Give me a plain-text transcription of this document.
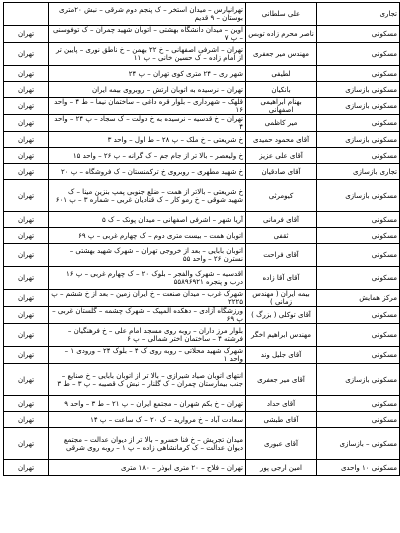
تجاری	علی سلطانی	تهرانپارس – میدان استخر – ک پنجم دوم شرقی – نبش ۲۰متری بوستان – ۹ قدیم	
مسکونی	ناصر محرم زاده توبس	اوین – میدان دانشگاه بهشتی – اتوبان شهید چمران – ک توفوسنی – پ ۷	تهران
مسکونی	مهندس میر جعفری	تهران – اشرفی اصفهانی – خ ۲۲ بهمن – خ ناطق نوری – پایین تر از امام زاده – ک حسین خانی – پ ۱۱	تهران
مسکونی	لطیفی	شهر ری – ۲۴ متری کوی تهران – پ ۲۴	تهران
مسکونی بازسازی	بانکیان	تهران – نرسیده به اتوبان ارتش – روبروی بیمه ایران	تهران
مسکونی بازسازی	بهنام ابراهیمی اصفهانی	قلهک – شهرداری – بلوار قره داغی – ساختمان نیما – ط ۴ – واحد ۱۶	تهران
مسکونی	میر کاظمی	تهران – خ قدسیه – نرسیده به خ دولت – ک سجاد – پ ۲۴ – واحد ۴	تهران
مسکونی بازسازی	آقای محمود حمیدی	خ شریعتی – خ ملک – پ ۲۸ – ط اول – واحد ۳	تهران
مسکونی	آقای علی عزیز	خ ولیعصر – بالا تر از جام جم – ک گرانه – پ ۲۶ – واحد ۱۵	تهران
تجاری بازسازی	آقای صادقیان	خ شهید مطهری – روبروی خ ترکمنستان – ک فروشگاه – پ ۲۰	تهران
مسکونی بازسازی	کیومرثی	خ شریعتی – بالاتر از همت – ضلع جنوبی پمپ بنزین مینا – ک شهید شوقی – خ رمو کار – ک قنادیان غربی – شماره ۳ – پ ۶۰۱	تهران
مسکونی	آقای فرمانی	آریا شهر – اشرفی اصفهانی – میدان پونک – ک ۵	تهران
مسکونی	ثقفی	اتوبان همت – بیست متری دوم – ک چهارم غربی – پ ۶۹	تهران
مسکونی	آقای فراحت	اتوبان بابایی – بعد از خروجی تهران – شهرک شهید بهشتی – نسترن ۲۶ – واحد ۵۵	تهران
مسکونی	آقای آقا زاده	اقدسیه – شهرک والفجر – بلوک ۲۰ – ک چهارم غربی – پ ۱۶ درب و پنجره ۵۵۸۹۶۹۲۱	تهران
مرکز همایش	بیمه ایران ( مهندس زمانی )	شهرک غرب – میدان صنعت – خ ایران زمین – بعد از خ ششم – پ ۲۲۲۵	تهران
مسکونی	آقای توکلی ( بزرگ )	ورزشگاه آزادی – دهکده المپیک – شهرک چشمه – گلستان غربی – پ ۶۹	تهران
مسکونی	مهندس ابراهیم اخگر	بلوار مرز داران – روبه روی مسجد امام علی – خ فرهنگیان – فرشته ۴ – ساختمان اختر شمالی – پ ۶	تهران
مسکونی	آقای جلیل وند	شهرک شهید محلاتی – روبه روی ک ۴ – بلوک ۲۴ – ورودی ۱ – واحد ۱	تهران
مسکونی بازسازی	آقای میر جعفری	انتهای اتوبان صیاد شیرازی – بالا تر از اتوبان بابایی – خ صنایع – جنب بیمارستان چمران – ک گلنار – نبش ک قصیبه – پ ۳ – ط ۳	تهران
مسکونی	آقای حداد	تهران – خ بکم شهران – مجتمع ایران – پ ۲۱ – ط ۳ – واحد ۹	تهران
مسکونی	آقای طبشی	سعادت آباد – خ مروارید – ک ۲۰ – ک ساعت – پ ۱۴	تهران
مسکونی – بازسازی	آقای عبوری	میدان تجریش – خ فنا خسرو – بالا تر از دیوان عدالت – مجتمع دیوان عدالت – ک کرمانشاهی زاده – پ ۱ – روبه روی شرقی	تهران
مسکونی ۱۰ واحدی	امین ارجی پور	تهران – فلاح – ۲۰ متری ابوذر – ۱۸۰ متری	تهران
